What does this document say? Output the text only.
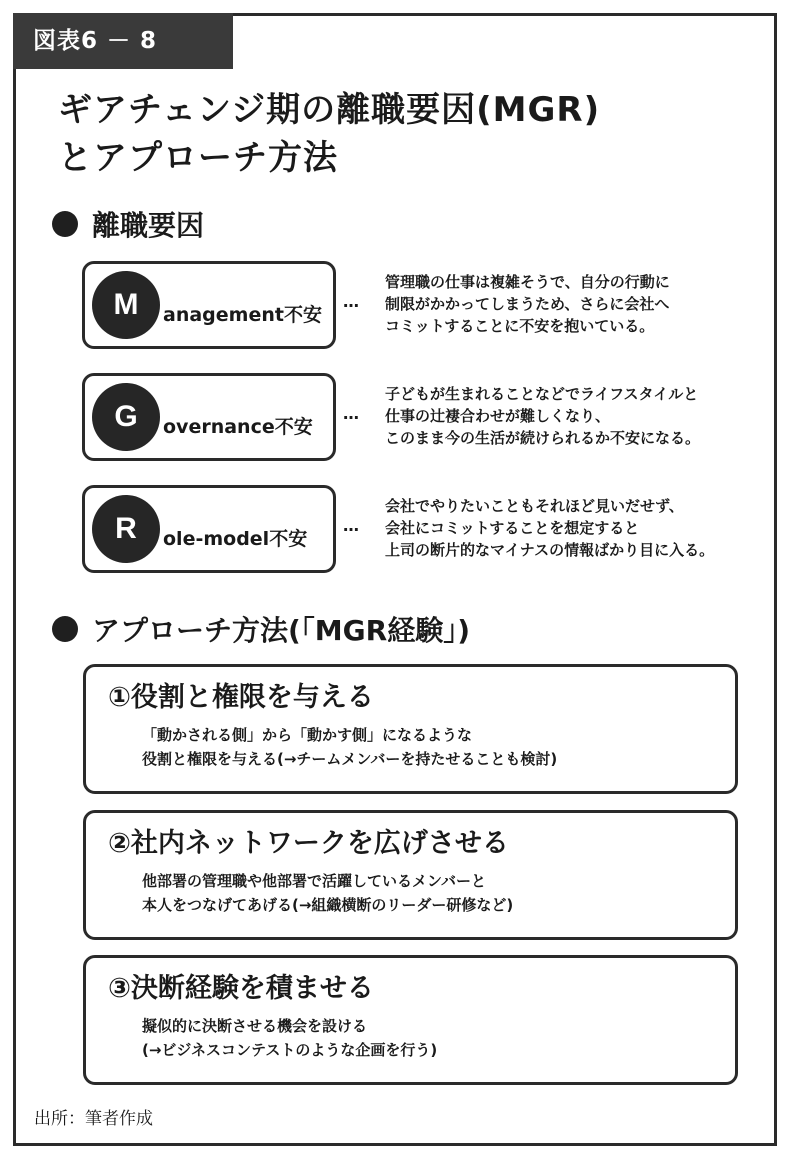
図表6 － 8
ギアチェンジ期の離職要因(MGR)
とアプローチ方法
離職要因
M	anagement不安
…
管理職の仕事は複雑そうで、自分の行動に
制限がかかってしまうため、さらに会社へ
コミットすることに不安を抱いている。
G	overnance不安
…
子どもが生まれることなどでライフスタイルと
仕事の辻褄合わせが難しくなり、
このまま今の生活が続けられるか不安になる。
R	ole-model不安
…
会社でやりたいこともそれほど見いだせず、
会社にコミットすることを想定すると
上司の断片的なマイナスの情報ばかり目に入る。
アプローチ方法(「MGR経験」)
①役割と権限を与える
「動かされる側」から「動かす側」になるような
役割と権限を与える(→チームメンバーを持たせることも検討)
②社内ネットワークを広げさせる
他部署の管理職や他部署で活躍しているメンバーと
本人をつなげてあげる(→組織横断のリーダー研修など)
③決断経験を積ませる
擬似的に決断させる機会を設ける
(→ビジネスコンテストのような企画を行う)
出所：筆者作成
